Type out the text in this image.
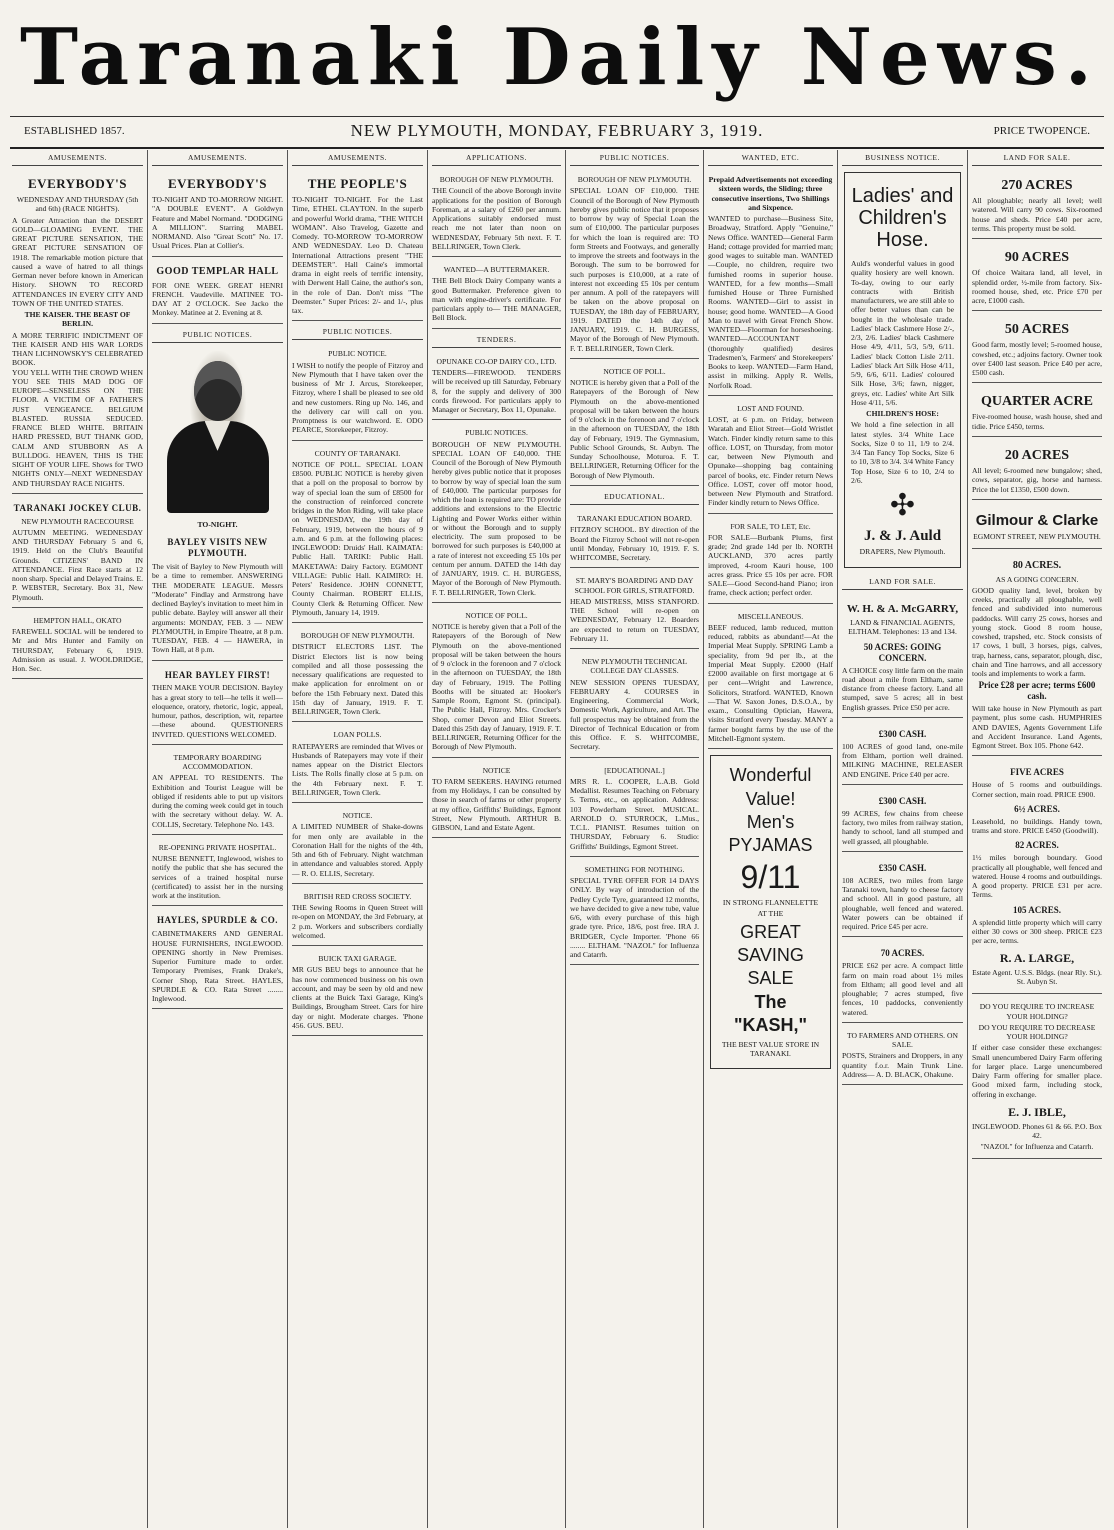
Taranaki Daily News.
ESTABLISHED 1857.	NEW PLYMOUTH, MONDAY, FEBRUARY 3, 1919.	PRICE TWOPENCE.
AMUSEMENTS.
EVERYBODY'S
WEDNESDAY AND THURSDAY (5th and 6th) (RACE NIGHTS).
A Greater Attraction than the DESERT GOLD—GLOAMING EVENT. THE GREAT PICTURE SENSATION, THE GREAT PICTURE SENSATION OF 1918. The remarkable motion picture that caused a wave of hatred to all things German never before known in American History. SHOWN TO RECORD ATTENDANCES IN EVERY CITY AND TOWN OF THE UNITED STATES.
THE KAISER. THE BEAST OF BERLIN.
A MORE TERRIFIC INDICTMENT OF THE KAISER AND HIS WAR LORDS THAN LICHNOWSKY'S CELEBRATED BOOK.
YOU YELL WITH THE CROWD WHEN YOU SEE THIS MAD DOG OF EUROPE—SENSELESS ON THE FLOOR. A VICTIM OF A FATHER'S JUST VENGEANCE. BELGIUM BLASTED. RUSSIA SEDUCED. FRANCE BLED WHITE. BRITAIN HARD PRESSED, BUT THANK GOD, CALM AND STUBBORN AS A BULLDOG. HEAVEN, THIS IS THE SIGHT OF YOUR LIFE. Shows for TWO NIGHTS ONLY—NEXT WEDNESDAY AND THURSDAY RACE NIGHTS.
TARANAKI JOCKEY CLUB.
NEW PLYMOUTH RACECOURSE
AUTUMN MEETING. WEDNESDAY AND THURSDAY February 5 and 6, 1919. Held on the Club's Beautiful Grounds. CITIZENS' BAND IN ATTENDANCE. First Race starts at 12 noon sharp. Special and Delayed Trains. E. P. WEBSTER, Secretary. Box 31, New Plymouth.
HEMPTON HALL, OKATO
FAREWELL SOCIAL will be tendered to Mr and Mrs Hunter and Family on THURSDAY, February 6, 1919. Admission as usual. J. WOOLDRIDGE, Hon. Sec.
AMUSEMENTS.
EVERYBODY'S
TO-NIGHT AND TO-MORROW NIGHT. "A DOUBLE EVENT". A Goldwyn Feature and Mabel Normand. "DODGING A MILLION". Starring MABEL NORMAND. Also "Great Scott" No. 17. Usual Prices. Plan at Collier's.
GOOD TEMPLAR HALL
FOR ONE WEEK. GREAT HENRI FRENCH. Vaudeville. MATINEE TO-DAY AT 2 O'CLOCK. See Jacko the Monkey. Matinee at 2. Evening at 8.
PUBLIC NOTICES.
TO-NIGHT.
BAYLEY VISITS NEW PLYMOUTH.
The visit of Bayley to New Plymouth will be a time to remember. ANSWERING THE MODERATE LEAGUE. Messrs "Moderate" Findlay and Armstrong have declined Bayley's invitation to meet him in public debate. Bayley will answer all their arguments: MONDAY, FEB. 3 — NEW PLYMOUTH, in Empire Theatre, at 8 p.m. TUESDAY, FEB. 4 — HAWERA, in Town Hall, at 8 p.m.
HEAR BAYLEY FIRST!
THEN MAKE YOUR DECISION. Bayley has a great story to tell—he tells it well—eloquence, oratory, rhetoric, logic, appeal, humour, pathos, description, wit, repartee—these abound. QUESTIONERS INVITED. QUESTIONS WELCOMED.
TEMPORARY BOARDING ACCOMMODATION.
AN APPEAL TO RESIDENTS. The Exhibition and Tourist League will be obliged if residents able to put up visitors during the coming week could get in touch with the secretary without delay. W. A. COLLIS, Secretary. Telephone No. 143.
RE-OPENING PRIVATE HOSPITAL.
NURSE BENNETT, Inglewood, wishes to notify the public that she has secured the services of a trained hospital nurse (certificated) to assist her in the nursing work at the institution.
HAYLES, SPURDLE & CO.
CABINETMAKERS AND GENERAL HOUSE FURNISHERS, INGLEWOOD. OPENING shortly in New Premises. Superior Furniture made to order. Temporary Premises, Frank Drake's, Corner Shop, Rata Street. HAYLES, SPURDLE & CO. Rata Street ........ Inglewood.
AMUSEMENTS.
THE PEOPLE'S
TO-NIGHT TO-NIGHT. For the Last Time, ETHEL CLAYTON. In the superb and powerful World drama, "THE WITCH WOMAN". Also Travelog, Gazette and Comedy. TO-MORROW TO-MORROW AND WEDNESDAY. Leo D. Chateau International Attractions present "THE DEEMSTER". Hall Caine's immortal drama in eight reels of terrific intensity, with Derwent Hall Caine, the author's son, in the role of Dan. Don't miss "The Deemster." Super Prices: 2/- and 1/-, plus tax.
PUBLIC NOTICES.
PUBLIC NOTICE.
I WISH to notify the people of Fitzroy and New Plymouth that I have taken over the business of Mr J. Arcus, Storekeeper, Fitzroy, where I shall be pleased to see old and new customers. Ring up No. 146, and the delivery car will call on you. Promptness is our watchword. E. ODO PEARCE, Storekeeper, Fitzroy.
COUNTY OF TARANAKI.
NOTICE OF POLL. SPECIAL LOAN £8500. PUBLIC NOTICE is hereby given that a poll on the proposal to borrow by way of special loan the sum of £8500 for the construction of reinforced concrete bridges in the Mon Riding, will take place on WEDNESDAY, the 19th day of February, 1919, between the hours of 9 a.m. and 6 p.m. at the following places: INGLEWOOD: Druids' Hall. KAIMATA: Public Hall. TARIKI: Public Hall. MAKETAWA: Dairy Factory. EGMONT VILLAGE: Public Hall. KAIMIRO: H. Peters' Residence. JOHN CONNETT, County Chairman. ROBERT ELLIS, County Clerk & Returning Officer. New Plymouth, January 14, 1919.
BOROUGH OF NEW PLYMOUTH.
DISTRICT ELECTORS LIST. The District Electors list is now being compiled and all those possessing the necessary qualifications are requested to make application for enrolment on or before the 15th February next. Dated this 15th day of January, 1919. F. T. BELLRINGER, Town Clerk.
LOAN POLLS.
RATEPAYERS are reminded that Wives or Husbands of Ratepayers may vote if their names appear on the District Electors Lists. The Rolls finally close at 5 p.m. on the 4th February next. F. T. BELLRINGER, Town Clerk.
NOTICE.
A LIMITED NUMBER of Shake-downs for men only are available in the Coronation Hall for the nights of the 4th, 5th and 6th of February. Night watchman in attendance and valuables stored. Apply— R. O. ELLIS, Secretary.
BRITISH RED CROSS SOCIETY.
THE Sewing Rooms in Queen Street will re-open on MONDAY, the 3rd February, at 2 p.m. Workers and subscribers cordially welcomed.
BUICK TAXI GARAGE.
MR GUS BEU begs to announce that he has now commenced business on his own account, and may be seen by old and new clients at the Buick Taxi Garage, King's Buildings, Brougham Street. Cars for hire day or night. Moderate charges. 'Phone 456. GUS. BEU.
APPLICATIONS.
BOROUGH OF NEW PLYMOUTH.
THE Council of the above Borough invite applications for the position of Borough Foreman, at a salary of £260 per annum. Applications suitably endorsed must reach me not later than noon on WEDNESDAY, February 5th next. F. T. BELLRINGER, Town Clerk.
WANTED—A BUTTERMAKER.
THE Bell Block Dairy Company wants a good Buttermaker. Preference given to man with engine-driver's certificate. For particulars apply to— THE MANAGER, Bell Block.
TENDERS.
OPUNAKE CO-OP DAIRY CO., LTD.
TENDERS—FIREWOOD. TENDERS will be received up till Saturday, February 8, for the supply and delivery of 300 cords firewood. For particulars apply to Manager or Secretary, Box 11, Opunake.
PUBLIC NOTICES.
BOROUGH OF NEW PLYMOUTH. SPECIAL LOAN OF £40,000. THE Council of the Borough of New Plymouth hereby gives public notice that it proposes to borrow by way of special loan the sum of £40,000. The particular purposes for which the loan is required are: TO provide additions and extensions to the Electric Lighting and Power Works either within or without the Borough and to supply electricity. The sum proposed to be borrowed for such purposes is £40,000 at a rate of interest not exceeding £5 10s per centum per annum. DATED the 14th day of JANUARY, 1919. C. H. BURGESS, Mayor of the Borough of New Plymouth. F. T. BELLRINGER, Town Clerk.
NOTICE OF POLL.
NOTICE is hereby given that a Poll of the Ratepayers of the Borough of New Plymouth on the above-mentioned proposal will be taken between the hours of 9 o'clock in the forenoon and 7 o'clock in the afternoon on TUESDAY, the 18th day of February, 1919. The Polling Booths will be situated at: Hooker's Sample Room, Egmont St. (principal). The Public Hall, Fitzroy. Mrs. Crocker's Shop, corner Devon and Eliot Streets. Dated this 25th day of January, 1919. F. T. BELLRINGER, Returning Officer for the Borough of New Plymouth.
NOTICE
TO FARM SEEKERS. HAVING returned from my Holidays, I can be consulted by those in search of farms or other property at my office, Griffiths' Buildings, Egmont Street, New Plymouth. ARTHUR B. GIBSON, Land and Estate Agent.
PUBLIC NOTICES.
BOROUGH OF NEW PLYMOUTH.
SPECIAL LOAN OF £10,000. THE Council of the Borough of New Plymouth hereby gives public notice that it proposes to borrow by way of Special Loan the sum of £10,000. The particular purposes for which the loan is required are: TO form Streets and Footways, and generally to improve the streets and footways in the Borough. The sum to be borrowed for such purposes is £10,000, at a rate of interest not exceeding £5 10s per centum per annum. A poll of the ratepayers will be taken on the above proposal on TUESDAY, the 18th day of FEBRUARY, 1919. DATED the 14th day of JANUARY, 1919. C. H. BURGESS, Mayor of the Borough of New Plymouth. F. T. BELLRINGER, Town Clerk.
NOTICE OF POLL.
NOTICE is hereby given that a Poll of the Ratepayers of the Borough of New Plymouth on the above-mentioned proposal will be taken between the hours of 9 o'clock in the forenoon and 7 o'clock in the afternoon on TUESDAY, the 18th day of February, 1919. The Gymnasium, Public School Grounds, St. Aubyn. The Sunday Schoolhouse, Moturoa. F. T. BELLRINGER, Returning Officer for the Borough of New Plymouth.
EDUCATIONAL.
TARANAKI EDUCATION BOARD.
FITZROY SCHOOL. BY direction of the Board the Fitzroy School will not re-open until Monday, February 10, 1919. F. S. WHITCOMBE, Secretary.
ST. MARY'S BOARDING AND DAY SCHOOL FOR GIRLS, STRATFORD.
HEAD MISTRESS, MISS STANFORD. THE School will re-open on WEDNESDAY, February 12. Boarders are expected to return on TUESDAY, February 11.
NEW PLYMOUTH TECHNICAL COLLEGE DAY CLASSES.
NEW SESSION OPENS TUESDAY, FEBRUARY 4. COURSES in Engineering, Commercial Work, Domestic Work, Agriculture, and Art. The full prospectus may be obtained from the Director of Technical Education or from this Office. F. S. WHITCOMBE, Secretary.
[EDUCATIONAL.]
MRS R. L. COOPER, L.A.B. Gold Medallist. Resumes Teaching on February 5. Terms, etc., on application. Address: 103 Powderham Street. MUSICAL. ARNOLD O. STURROCK, L.Mus., T.C.L. PIANIST. Resumes tuition on THURSDAY, February 6. Studio: Griffiths' Buildings, Egmont Street.
SOMETHING FOR NOTHING.
SPECIAL TYRE OFFER FOR 14 DAYS ONLY. By way of introduction of the Pedley Cycle Tyre, guaranteed 12 months, we have decided to give a new tube, value 6/6, with every purchase of this high grade tyre. Price, 18/6, post free. IRA J. BRIDGER, Cycle Importer. 'Phone 66 ........ ELTHAM. "NAZOL" for Influenza and Catarrh.
WANTED, ETC.
Prepaid Advertisements not exceeding sixteen words, the Sliding; three consecutive insertions, Two Shillings and Sixpence.
WANTED to purchase—Business Site, Broadway, Stratford. Apply "Genuine," News Office. WANTED—General Farm Hand; cottage provided for married man; good wages to suitable man. WANTED—Couple, no children, require two furnished rooms in superior house. WANTED, for a few months—Small furnished House or Three Furnished Rooms. WANTED—Girl to assist in house; good home. WANTED—A Good Man to travel with Great French Show. WANTED—Floorman for horseshoeing. WANTED—ACCOUNTANT (thoroughly qualified) desires Tradesmen's, Farmers' and Storekeepers' Books to keep. WANTED—Farm Hand, assist in milking. Apply R. Wells, Norfolk Road.
LOST AND FOUND.
LOST, at 6 p.m. on Friday, between Waratah and Eliot Street—Gold Wristlet Watch. Finder kindly return same to this office. LOST, on Thursday, from motor car, between New Plymouth and Opunake—shopping bag containing parcel of books, etc. Finder return News Office. LOST, cover off motor hood, between New Plymouth and Stratford. Finder kindly return to News Office.
FOR SALE, TO LET, Etc.
FOR SALE—Burbank Plums, first grade; 2nd grade 14d per lb. NORTH AUCKLAND, 370 acres partly improved, 4-room Kauri house, 100 acres grass. Price £5 10s per acre. FOR SALE—Good Second-hand Piano; iron frame, check action; perfect order.
MISCELLANEOUS.
BEEF reduced, lamb reduced, mutton reduced, rabbits as abundant!—At the Imperial Meat Supply. SPRING Lamb a speciality, from 9d per lb., at the Imperial Meat Supply. £2000 (Half £2000 available on first mortgage at 6 per cent—Wright and Lawrence, Solicitors, Stratford. WANTED, Known—That W. Saxon Jones, D.S.O.A., by exam., Consulting Optician, Hawera, visits Stratford every Tuesday. MANY a farmer bought farms by the use of the Mitchell-Egmont system.
Wonderful Value!
Men's
PYJAMAS
9/11
IN STRONG FLANNELETTE
AT THE
GREAT SAVING SALE
The "KASH,"
THE BEST VALUE STORE IN TARANAKI.
BUSINESS NOTICE.
Ladies' and Children's Hose.
Auld's wonderful values in good quality hosiery are well known. To-day, owing to our early contracts with British manufacturers, we are still able to offer better values than can be bought in the wholesale trade. Ladies' black Cashmere Hose 2/-, 2/3, 2/6. Ladies' black Cashmere Hose 4/9, 4/11, 5/3, 5/9, 6/11. Ladies' black Cotton Lisle 2/11. Ladies' black Art Silk Hose 4/11, 5/9, 6/6, 6/11. Ladies' coloured Silk Hose, 3/6; fawn, nigger, greys, etc. Ladies' white Art Silk Hose 4/11, 5/6.
CHILDREN'S HOSE:
We hold a fine selection in all latest styles. 3/4 White Lace Socks, Size 0 to 11, 1/9 to 2/4. 3/4 Tan Fancy Top Socks, Size 6 to 10, 3/8 to 3/4. 3/4 White Fancy Top Hose, Size 6 to 10, 2/4 to 2/6.
✣
J. & J. Auld
DRAPERS, New Plymouth.
LAND FOR SALE.
W. H. & A. McGARRY,
LAND & FINANCIAL AGENTS, ELTHAM. Telephones: 13 and 134.
50 ACRES: GOING CONCERN.
A CHOICE cosy little farm on the main road about a mile from Eltham, same distance from cheese factory. Land all stumped, save 5 acres; all in best English grasses. Price £50 per acre.
£300 CASH.
100 ACRES of good land, one-mile from Eltham, portion well drained. MILKING MACHINE, RELEASER AND ENGINE. Price £40 per acre.
£300 CASH.
99 ACRES, few chains from cheese factory, two miles from railway station, handy to school, land all stumped and well grassed, all ploughable.
£350 CASH.
108 ACRES, two miles from large Taranaki town, handy to cheese factory and school. All in good pasture, all ploughable, well fenced and watered. Water powers can be obtained if required. Price £45 per acre.
70 ACRES.
PRICE £62 per acre. A compact little farm on main road about 1½ miles from Eltham; all good level and all ploughable; 7 acres stumped, five fences, 10 paddocks, conveniently watered.
TO FARMERS AND OTHERS. ON SALE.
POSTS, Strainers and Droppers, in any quantity f.o.r. Main Trunk Line. Address— A. D. BLACK, Ohakune.
LAND FOR SALE.
270 ACRES
All ploughable; nearly all level; well watered. Will carry 90 cows. Six-roomed house and sheds. Price £40 per acre, terms. This property must be sold.
90 ACRES
Of choice Waitara land, all level, in splendid order, ½-mile from factory. Six-roomed house, shed, etc. Price £70 per acre, £1000 cash.
50 ACRES
Good farm, mostly level; 5-roomed house, cowshed, etc.; adjoins factory. Owner took over £400 last season. Price £40 per acre, £500 cash.
QUARTER ACRE
Five-roomed house, wash house, shed and tidie. Price £450, terms.
20 ACRES
All level; 6-roomed new bungalow; shed, cows, separator, gig, horse and harness. Price the lot £1350, £500 down.
Gilmour & Clarke
EGMONT STREET, NEW PLYMOUTH.
80 ACRES.
AS A GOING CONCERN.
GOOD quality land, level, broken by creeks, practically all ploughable, well fenced and subdivided into numerous paddocks. Will carry 25 cows, horses and young stock. Good 8 room house, cowshed, trapshed, etc. Stock consists of 17 cows, 1 bull, 3 horses, pigs, calves, trap, harness, cans, separator, plough, disc, chain and Tine harrows, and all accessory tools and implements to work a farm.
Price £28 per acre; terms £600 cash.
Will take house in New Plymouth as part payment, plus some cash. HUMPHRIES AND DAVIES, Agents Government Life and Accident Insurance. Land Agents, Egmont Street. Box 105. Phone 642.
FIVE ACRES
House of 5 rooms and outbuildings. Corner section, main road. PRICE £900.
6½ ACRES.
Leasehold, no buildings. Handy town, trams and store. PRICE £450 (Goodwill).
82 ACRES.
1½ miles borough boundary. Good practically all ploughable, well fenced and watered. House 4 rooms and outbuildings. A good property. PRICE £31 per acre. Terms.
105 ACRES.
A splendid little property which will carry either 30 cows or 300 sheep. PRICE £23 per acre, terms.
R. A. LARGE,
Estate Agent. U.S.S. Bldgs. (near Rly. St.). St. Aubyn St.
DO YOU REQUIRE TO INCREASE YOUR HOLDING?
DO YOU REQUIRE TO DECREASE YOUR HOLDING?
If either case consider these exchanges: Small unencumbered Dairy Farm offering for larger place. Large unencumbered Dairy Farm offering for smaller place. Good mixed farm, including stock, offering in exchange.
E. J. IBLE,
INGLEWOOD. Phones 61 & 66. P.O. Box 42.
"NAZOL" for Influenza and Catarrh.
